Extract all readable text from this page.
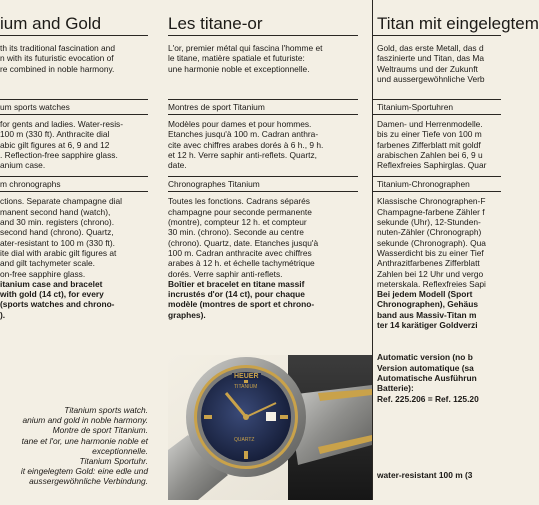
ium and Gold
th its traditional fascination and
n with its futuristic evocation of
re combined in noble harmony.
um sports watches
for gents and ladies. Water-resis-
100 m (330 ft). Anthracite dial
abic gilt figures at 6, 9 and 12
. Reflection-free sapphire glass.
anium case.
m chronographs
ctions. Separate champagne dial
manent second hand (watch),
and 30 min. registers (chrono).
second hand (chrono). Quartz,
ater-resistant to 100 m (330 ft).
ite dial with arabic gilt figures at
and gilt tachymeter scale.
on-free sapphire glass.
itanium case and bracelet
with gold (14 ct), for every
(sports watches and chrono-
).
Titanium sports watch.
anium and gold in noble harmony.
Montre de sport Titanium.
tane et l'or, une harmonie noble et
exceptionnelle.
Titanium Sportuhr.
it eingelegtem Gold: eine edle und
aussergewöhnliche Verbindung.
Les titane-or
L'or, premier métal qui fascina l'homme et
le titane, matière spatiale et futuriste:
une harmonie noble et exceptionnelle.
Montres de sport Titanium
Modèles pour dames et pour hommes.
Etanches jusqu'à 100 m. Cadran anthra-
cite avec chiffres arabes dorés à 6 h., 9 h.
et 12 h. Verre saphir anti-reflets. Quartz,
date.
Chronographes Titanium
Toutes les fonctions. Cadrans séparés
champagne pour seconde permanente
(montre), compteur 12 h. et compteur
30 min. (chrono). Seconde au centre
(chrono). Quartz, date. Etanches jusqu'à
100 m. Cadran anthracite avec chiffres
arabes à 12 h. et échelle tachymétrique
dorés. Verre saphir anti-reflets.
Boîtier et bracelet en titane massif
incrustés d'or (14 ct), pour chaque
modèle (montres de sport et chrono-
graphes).
HEUER
TITANIUM
QUARTZ
Titan mit eingelegtem
Gold, das erste Metall, das d
faszinierte und Titan, das Ma
Weltraums und der Zukunft
und aussergewöhnliche Verb
Titanium-Sportuhren
Damen- und Herrenmodelle.
bis zu einer Tiefe von 100 m
farbenes Zifferblatt mit goldf
arabischen Zahlen bei 6, 9 u
Reflexfreies Saphirglas. Quar
Titanium-Chronographen
Klassische Chronographen-F
Champagne-farbene Zähler f
sekunde (Uhr), 12-Stunden-
nuten-Zähler (Chronograph)
sekunde (Chronograph). Qua
Wasserdicht bis zu einer Tief
Anthrazitfarbenes Zifferblatt
Zahlen bei 12 Uhr und vergo
meterskala. Reflexfreies Sapi
Bei jedem Modell (Sport
Chronographen), Gehäus
band aus Massiv-Titan m
ter 14 karätiger Goldverzi
Automatic version (no b
Version automatique (sa
Automatische Ausführun
Batterie):
Ref. 225.206 = Ref. 125.20
water-resistant 100 m (3
